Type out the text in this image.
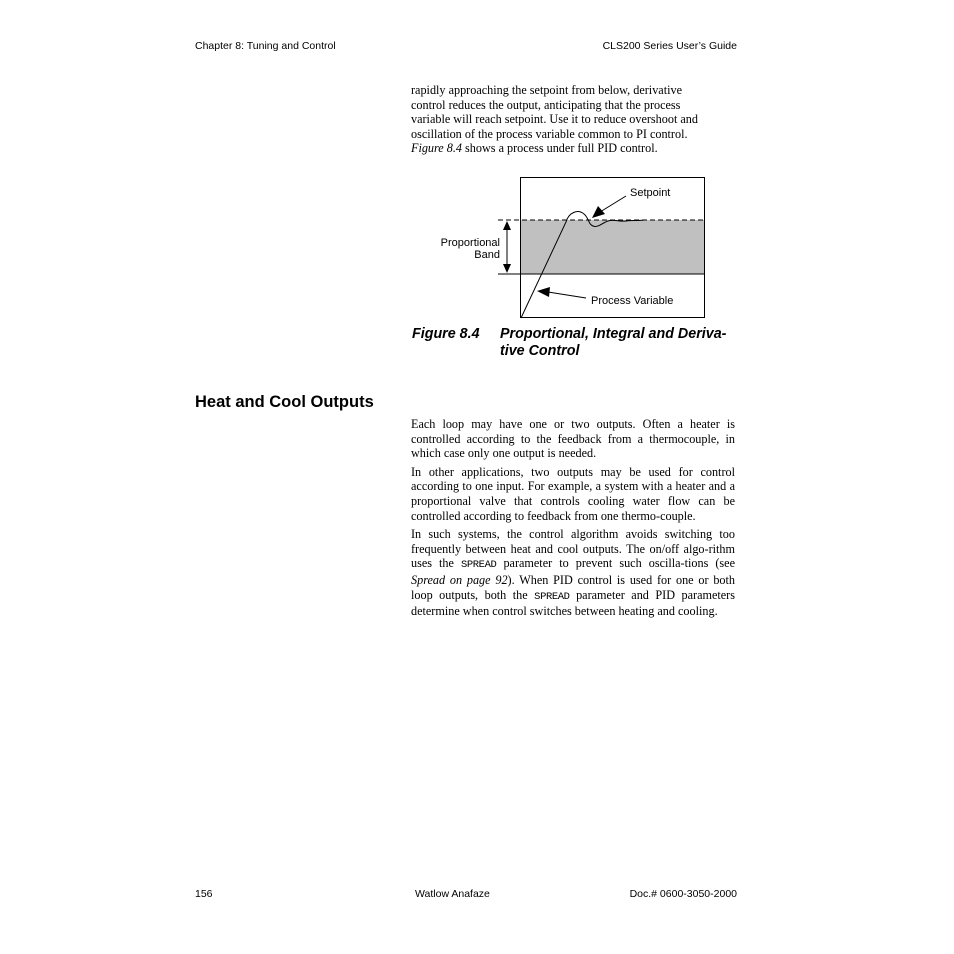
Chapter 8: Tuning and Control	CLS200 Series User’s Guide
rapidly approaching the setpoint from below, derivative
control reduces the output, anticipating that the process
variable will reach setpoint. Use it to reduce overshoot and
oscillation of the process variable common to PI control.
Figure 8.4 shows a process under full PID control.
Setpoint
Proportional
Band
Process Variable
Figure 8.4 Proportional, Integral and Deriva-
tive Control
Heat and Cool Outputs

Each loop may have one or two outputs. Often a heater is controlled according to the feedback from a thermocouple, in which case only one output is needed.

In other applications, two outputs may be used for control according to one input. For example, a system with a heater and a proportional valve that controls cooling water flow can be controlled according to feedback from one thermo-couple.

In such systems, the control algorithm avoids switching too frequently between heat and cool outputs. The on/off algo-rithm uses the SPREAD parameter to prevent such oscilla-tions (see Spread on page 92). When PID control is used for one or both loop outputs, both the SPREAD parameter and PID parameters determine when control switches between heating and cooling.

156	Watlow Anafaze	Doc.# 0600-3050-2000
